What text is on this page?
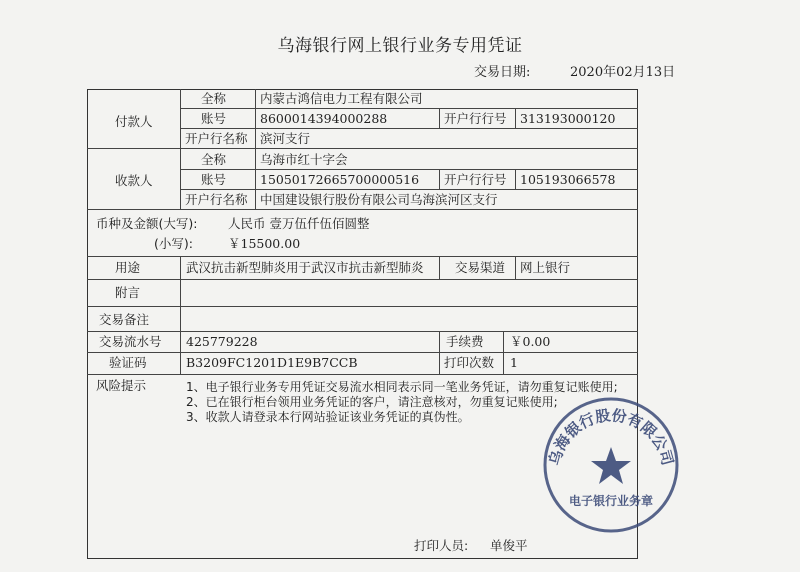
乌海银行网上银行业务专用凭证
交易日期:	2020年02月13日
付款人
全称	内蒙古鸿信电力工程有限公司
账号	8600014394000288	开户行行号 313193000120
开户行名称 滨河支行
收款人
全称	乌海市红十字会
账号	15050172665700000516 开户行行号 105193066578
开户行名称 中国建设银行股份有限公司乌海滨河区支行
币种及金额(大写): 人民币 壹万伍仟伍佰圆整
(小写):	￥15500.00
用途	武汉抗击新型肺炎用于武汉市抗击新型肺炎	交易渠道 网上银行
附言
交易备注
交易流水号 425779228	手续费 ￥0.00
验证码	B3209FC1201D1E9B7CCB	打印次数 1
风险提示	1、电子银行业务专用凭证交易流水相同表示同一笔业务凭证，请勿重复记账使用;
2、已在银行柜台领用业务凭证的客户，请注意核对，勿重复记账使用;
3、收款人请登录本行网站验证该业务凭证的真伪性。
打印人员: 单俊平
乌海银行股份有限公司
电子银行业务章
